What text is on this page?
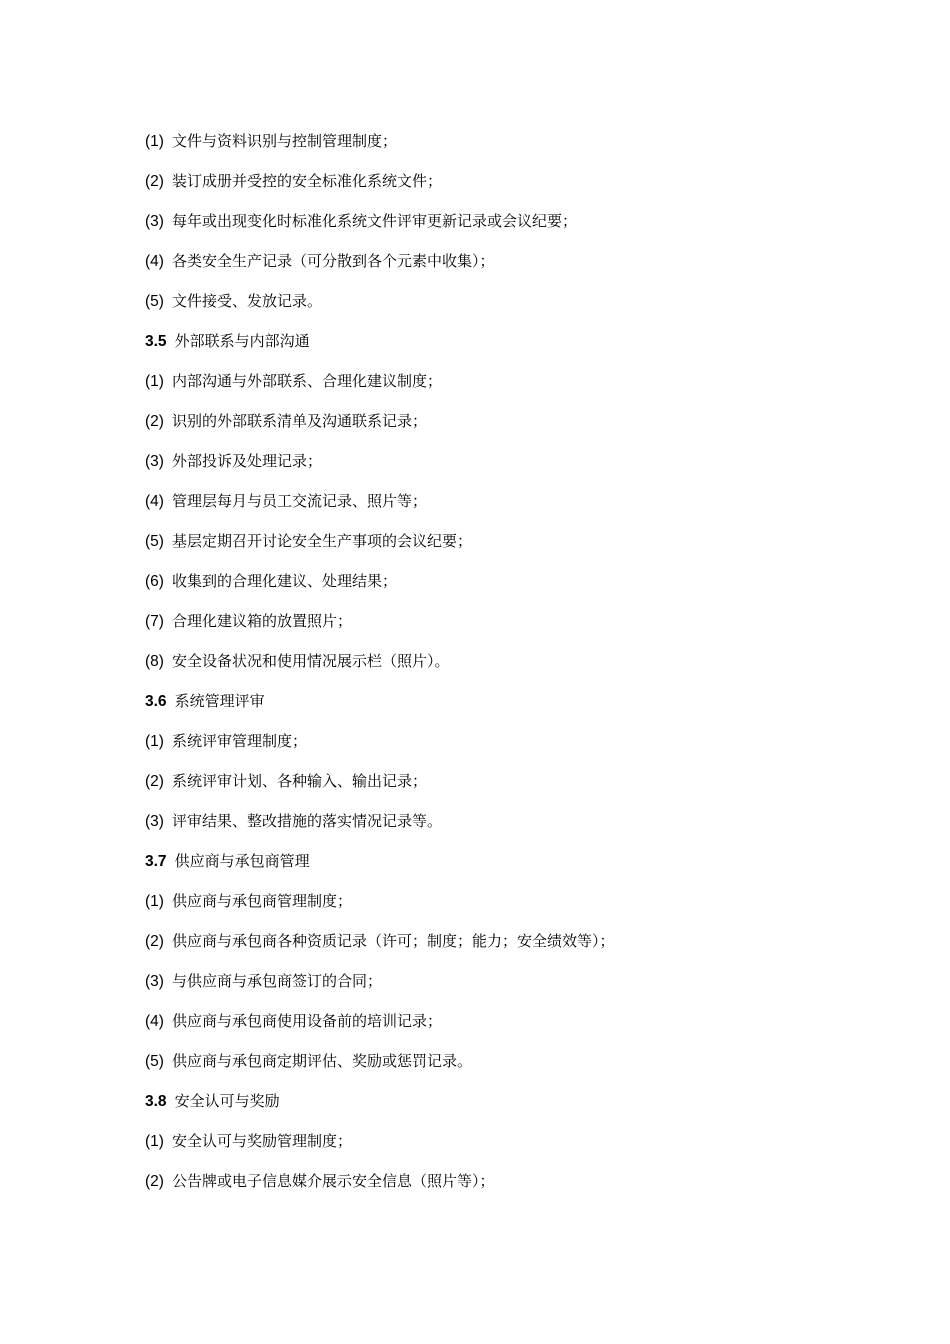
(1) 文件与资料识别与控制管理制度；
(2) 装订成册并受控的安全标准化系统文件；
(3) 每年或出现变化时标准化系统文件评审更新记录或会议纪要；
(4) 各类安全生产记录（可分散到各个元素中收集）；
(5) 文件接受、发放记录。
3.5 外部联系与内部沟通
(1) 内部沟通与外部联系、合理化建议制度；
(2) 识别的外部联系清单及沟通联系记录；
(3) 外部投诉及处理记录；
(4) 管理层每月与员工交流记录、照片等；
(5) 基层定期召开讨论安全生产事项的会议纪要；
(6) 收集到的合理化建议、处理结果；
(7) 合理化建议箱的放置照片；
(8) 安全设备状况和使用情况展示栏（照片）。
3.6 系统管理评审
(1) 系统评审管理制度；
(2) 系统评审计划、各种输入、输出记录；
(3) 评审结果、整改措施的落实情况记录等。
3.7 供应商与承包商管理
(1) 供应商与承包商管理制度；
(2) 供应商与承包商各种资质记录（许可；制度；能力；安全绩效等）；
(3) 与供应商与承包商签订的合同；
(4) 供应商与承包商使用设备前的培训记录；
(5) 供应商与承包商定期评估、奖励或惩罚记录。
3.8 安全认可与奖励
(1) 安全认可与奖励管理制度；
(2) 公告牌或电子信息媒介展示安全信息（照片等）；
